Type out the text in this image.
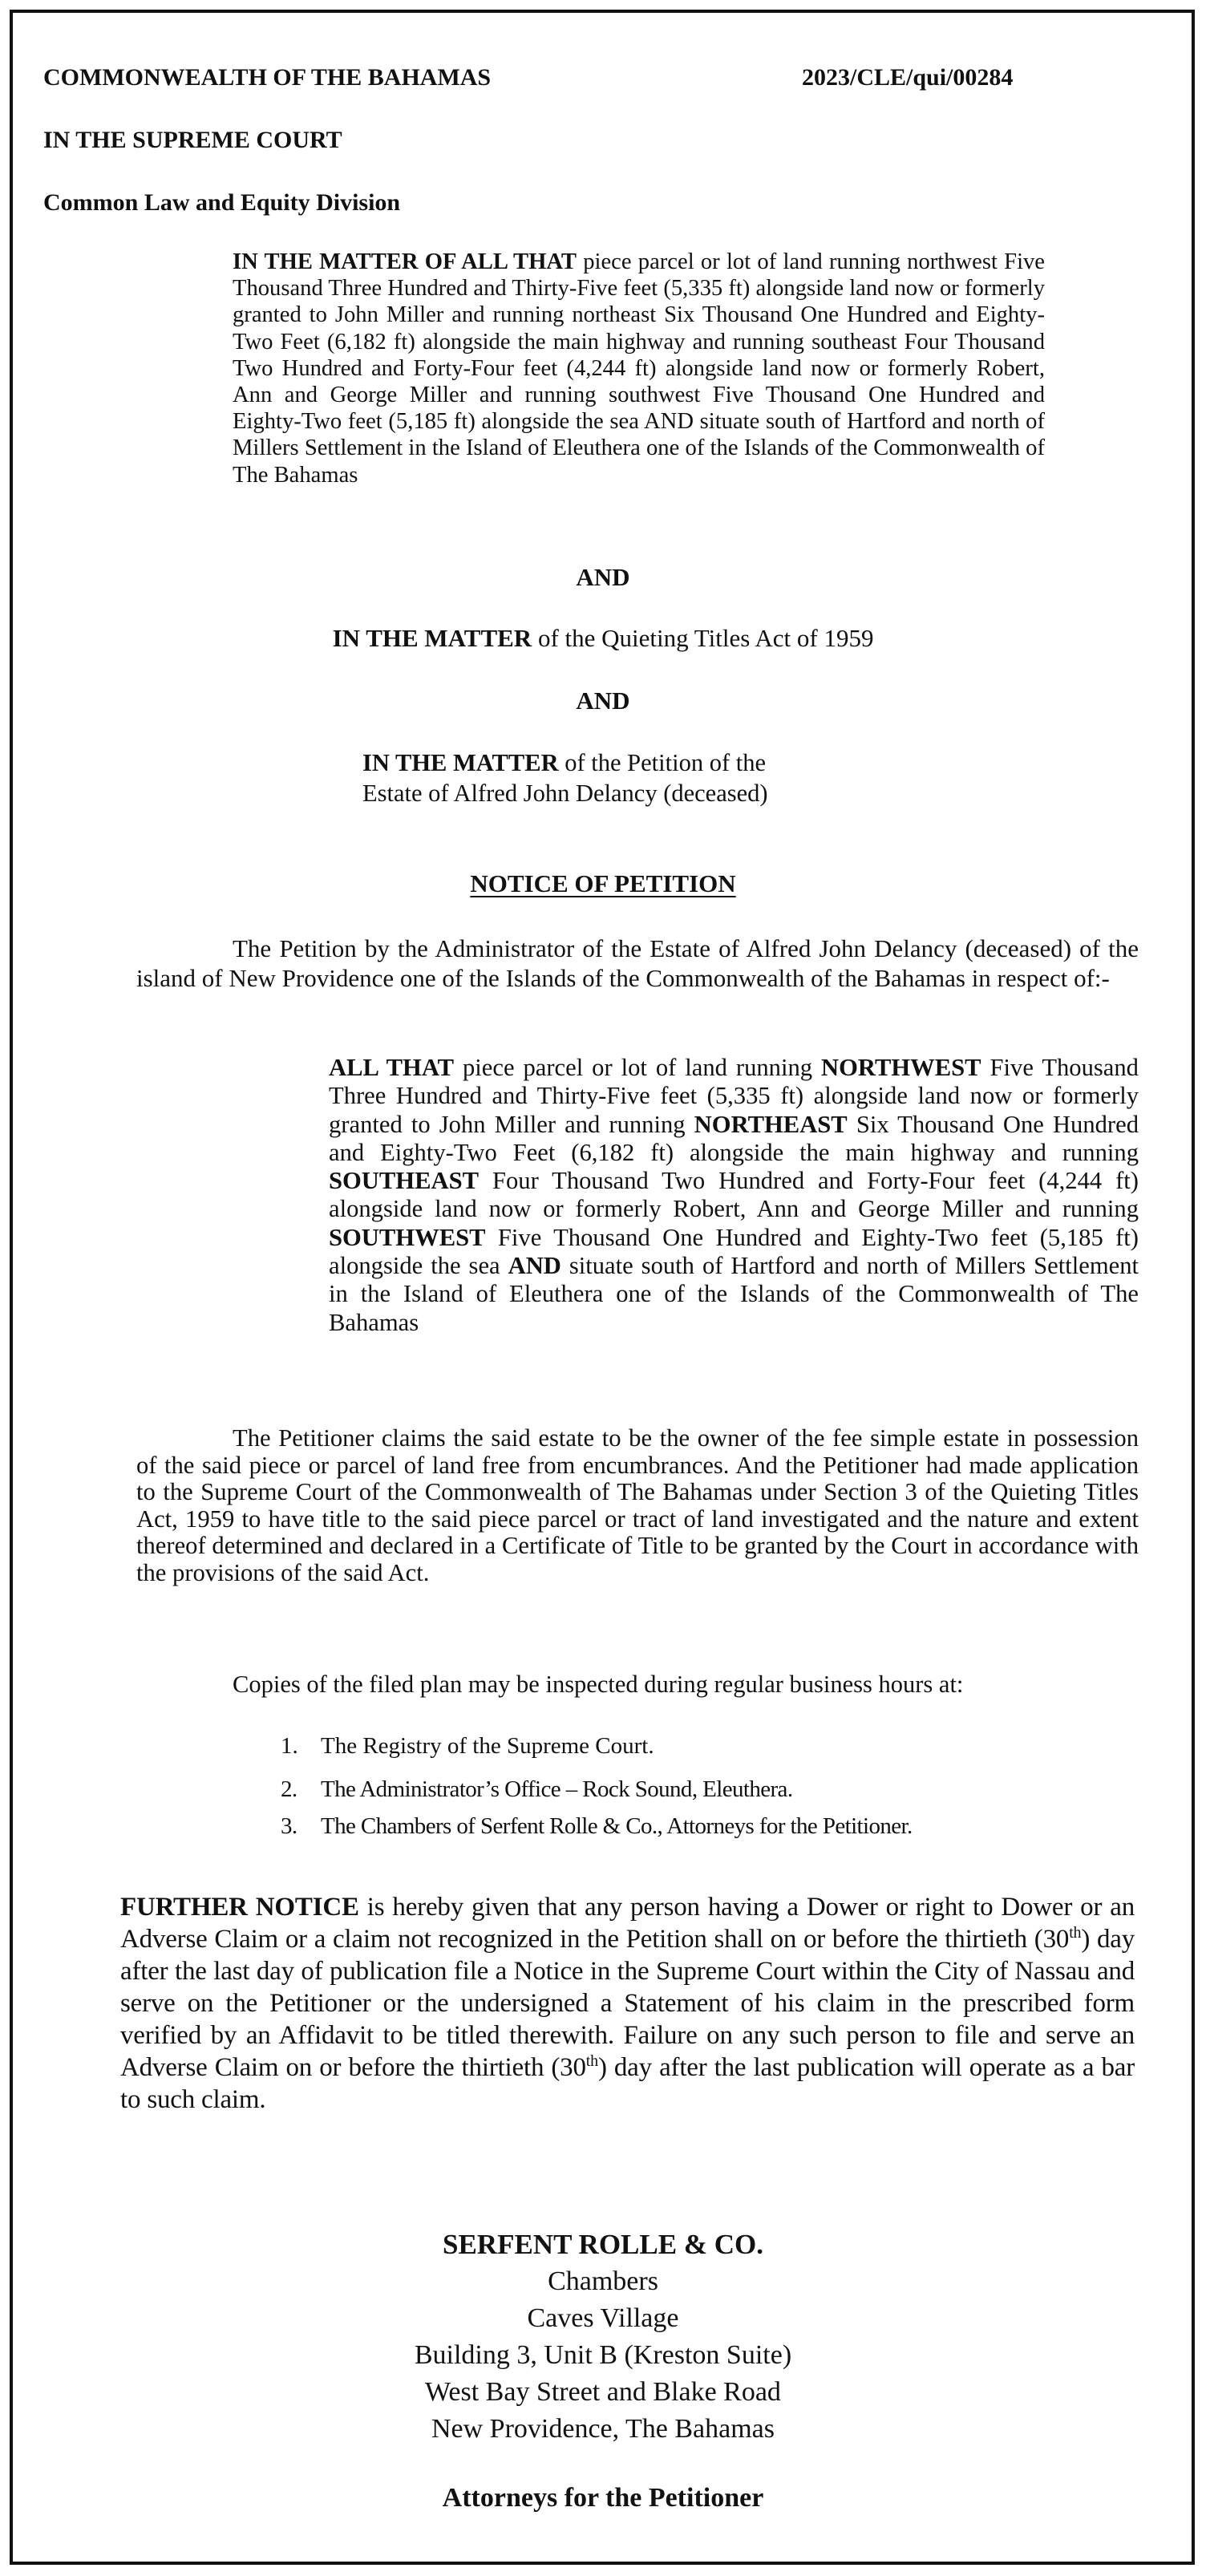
COMMONWEALTH OF THE BAHAMAS	2023/CLE/qui/00284
IN THE SUPREME COURT
Common Law and Equity Division
IN THE MATTER OF ALL THAT piece parcel or lot of land running northwest Five Thousand Three Hundred and Thirty-Five feet (5,335 ft) alongside land now or formerly granted to John Miller and running northeast Six Thousand One Hundred and Eighty-Two Feet (6,182 ft) alongside the main highway and running southeast Four Thousand Two Hundred and Forty-Four feet (4,244 ft) alongside land now or formerly Robert, Ann and George Miller and running southwest Five Thousand One Hundred and Eighty-Two feet (5,185 ft) alongside the sea AND situate south of Hartford and north of Millers Settlement in the Island of Eleuthera one of the Islands of the Commonwealth of The Bahamas
AND
IN THE MATTER of the Quieting Titles Act of 1959
AND
IN THE MATTER of the Petition of the
Estate of Alfred John Delancy (deceased)
NOTICE OF PETITION
The Petition by the Administrator of the Estate of Alfred John Delancy (deceased) of the island of New Providence one of the Islands of the Commonwealth of the Bahamas in respect of:-
ALL THAT piece parcel or lot of land running NORTHWEST Five Thousand Three Hundred and Thirty-Five feet (5,335 ft) alongside land now or formerly granted to John Miller and running NORTHEAST Six Thousand One Hundred and Eighty-Two Feet (6,182 ft) alongside the main highway and running SOUTHEAST Four Thousand Two Hundred and Forty-Four feet (4,244 ft) alongside land now or formerly Robert, Ann and George Miller and running SOUTHWEST Five Thousand One Hundred and Eighty-Two feet (5,185 ft) alongside the sea AND situate south of Hartford and north of Millers Settlement in the Island of Eleuthera one of the Islands of the Commonwealth of The Bahamas
The Petitioner claims the said estate to be the owner of the fee simple estate in possession of the said piece or parcel of land free from encumbrances. And the Petitioner had made application to the Supreme Court of the Commonwealth of The Bahamas under Section 3 of the Quieting Titles Act, 1959 to have title to the said piece parcel or tract of land investigated and the nature and extent thereof determined and declared in a Certificate of Title to be granted by the Court in accordance with the provisions of the said Act.
Copies of the filed plan may be inspected during regular business hours at:
1. The Registry of the Supreme Court.
2. The Administrator’s Office – Rock Sound, Eleuthera.
3. The Chambers of Serfent Rolle & Co., Attorneys for the Petitioner.
FURTHER NOTICE is hereby given that any person having a Dower or right to Dower or an Adverse Claim or a claim not recognized in the Petition shall on or before the thirtieth (30th) day after the last day of publication file a Notice in the Supreme Court within the City of Nassau and serve on the Petitioner or the undersigned a Statement of his claim in the prescribed form verified by an Affidavit to be titled therewith. Failure on any such person to file and serve an Adverse Claim on or before the thirtieth (30th) day after the last publication will operate as a bar to such claim.
SERFENT ROLLE & CO.
Chambers
Caves Village
Building 3, Unit B (Kreston Suite)
West Bay Street and Blake Road
New Providence, The Bahamas
Attorneys for the Petitioner
